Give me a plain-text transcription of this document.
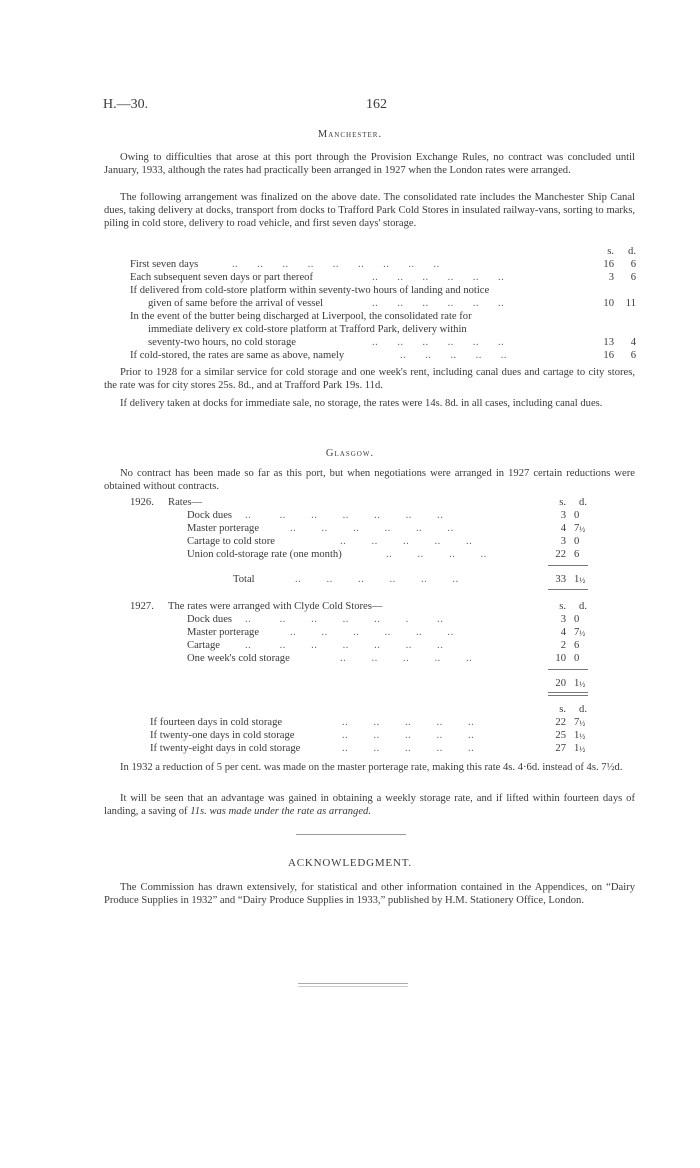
H.—30.	162
Manchester.

Owing to difficulties that arose at this port through the Provision Exchange Rules, no contract was concluded until January, 1933, although the rates had practically been arranged in 1927 when the London rates were arranged.

The following arrangement was finalized on the above date. The consolidated rate includes the Manchester Ship Canal dues, taking delivery at docks, transport from docks to Trafford Park Cold Stores in insulated railway-vans, sorting to marks, piling in cold store, delivery to road vehicle, and first seven days' storage.

s.	d.
First seven days	..      ..      ..      ..      ..      ..      ..      ..      ..	16	6
Each subsequent seven days or part thereof	..      ..      ..      ..      ..      ..	3	6
If delivered from cold-store platform within seventy-two hours of landing and notice
given of same before the arrival of vessel	..      ..      ..      ..      ..      ..	10	11
In the event of the butter being discharged at Liverpool, the consolidated rate for
immediate delivery ex cold-store platform at Trafford Park, delivery within
seventy-two hours, no cold storage	..      ..      ..      ..      ..      ..	13	4
If cold-stored, the rates are same as above, namely	..      ..      ..      ..      ..	16	6

Prior to 1928 for a similar service for cold storage and one week's rent, including canal dues and cartage to city stores, the rate was for city stores 25s. 8d., and at Trafford Park 19s. 11d.

If delivery taken at docks for immediate sale, no storage, the rates were 14s. 8d. in all cases, including canal dues.

Glasgow.

No contract has been made so far as this port, but when negotiations were arranged in 1927 certain reductions were obtained without contracts.

1926. Rates—	s.	d.
Dock dues ..         ..        ..        ..        ..        ..        ..	3 0
Master porterage	..        ..        ..        ..        ..        ..	4 7½
Cartage to cold store	..        ..        ..        ..        ..	3 0
Union cold-storage rate (one month)	..        ..        ..        ..	22 6
Total	..        ..        ..        ..        ..        ..	33 1½
1927. The rates were arranged with Clyde Cold Stores—	s.	d.
Dock dues ..         ..        ..        ..        ..        .         ..	3 0
Master porterage	..        ..        ..        ..        ..        ..	4 7½
Cartage ..         ..        ..        ..        ..        ..        ..	2 6
One week's cold storage	..        ..        ..        ..        ..	10 0
20 1½
s.	d.
If fourteen days in cold storage	..        ..        ..        ..        ..	22 7½
If twenty-one days in cold storage	..        ..        ..        ..        ..	25 1½
If twenty-eight days in cold storage	..        ..        ..        ..        ..	27 1½

In 1932 a reduction of 5 per cent. was made on the master porterage rate, making this rate 4s. 4·6d. instead of 4s. 7½d.

It will be seen that an advantage was gained in obtaining a weekly storage rate, and if lifted within fourteen days of landing, a saving of 11s. was made under the rate as arranged.

ACKNOWLEDGMENT.

The Commission has drawn extensively, for statistical and other information contained in the Appendices, on “Dairy Produce Supplies in 1932” and “Dairy Produce Supplies in 1933,” published by H.M. Stationery Office, London.
